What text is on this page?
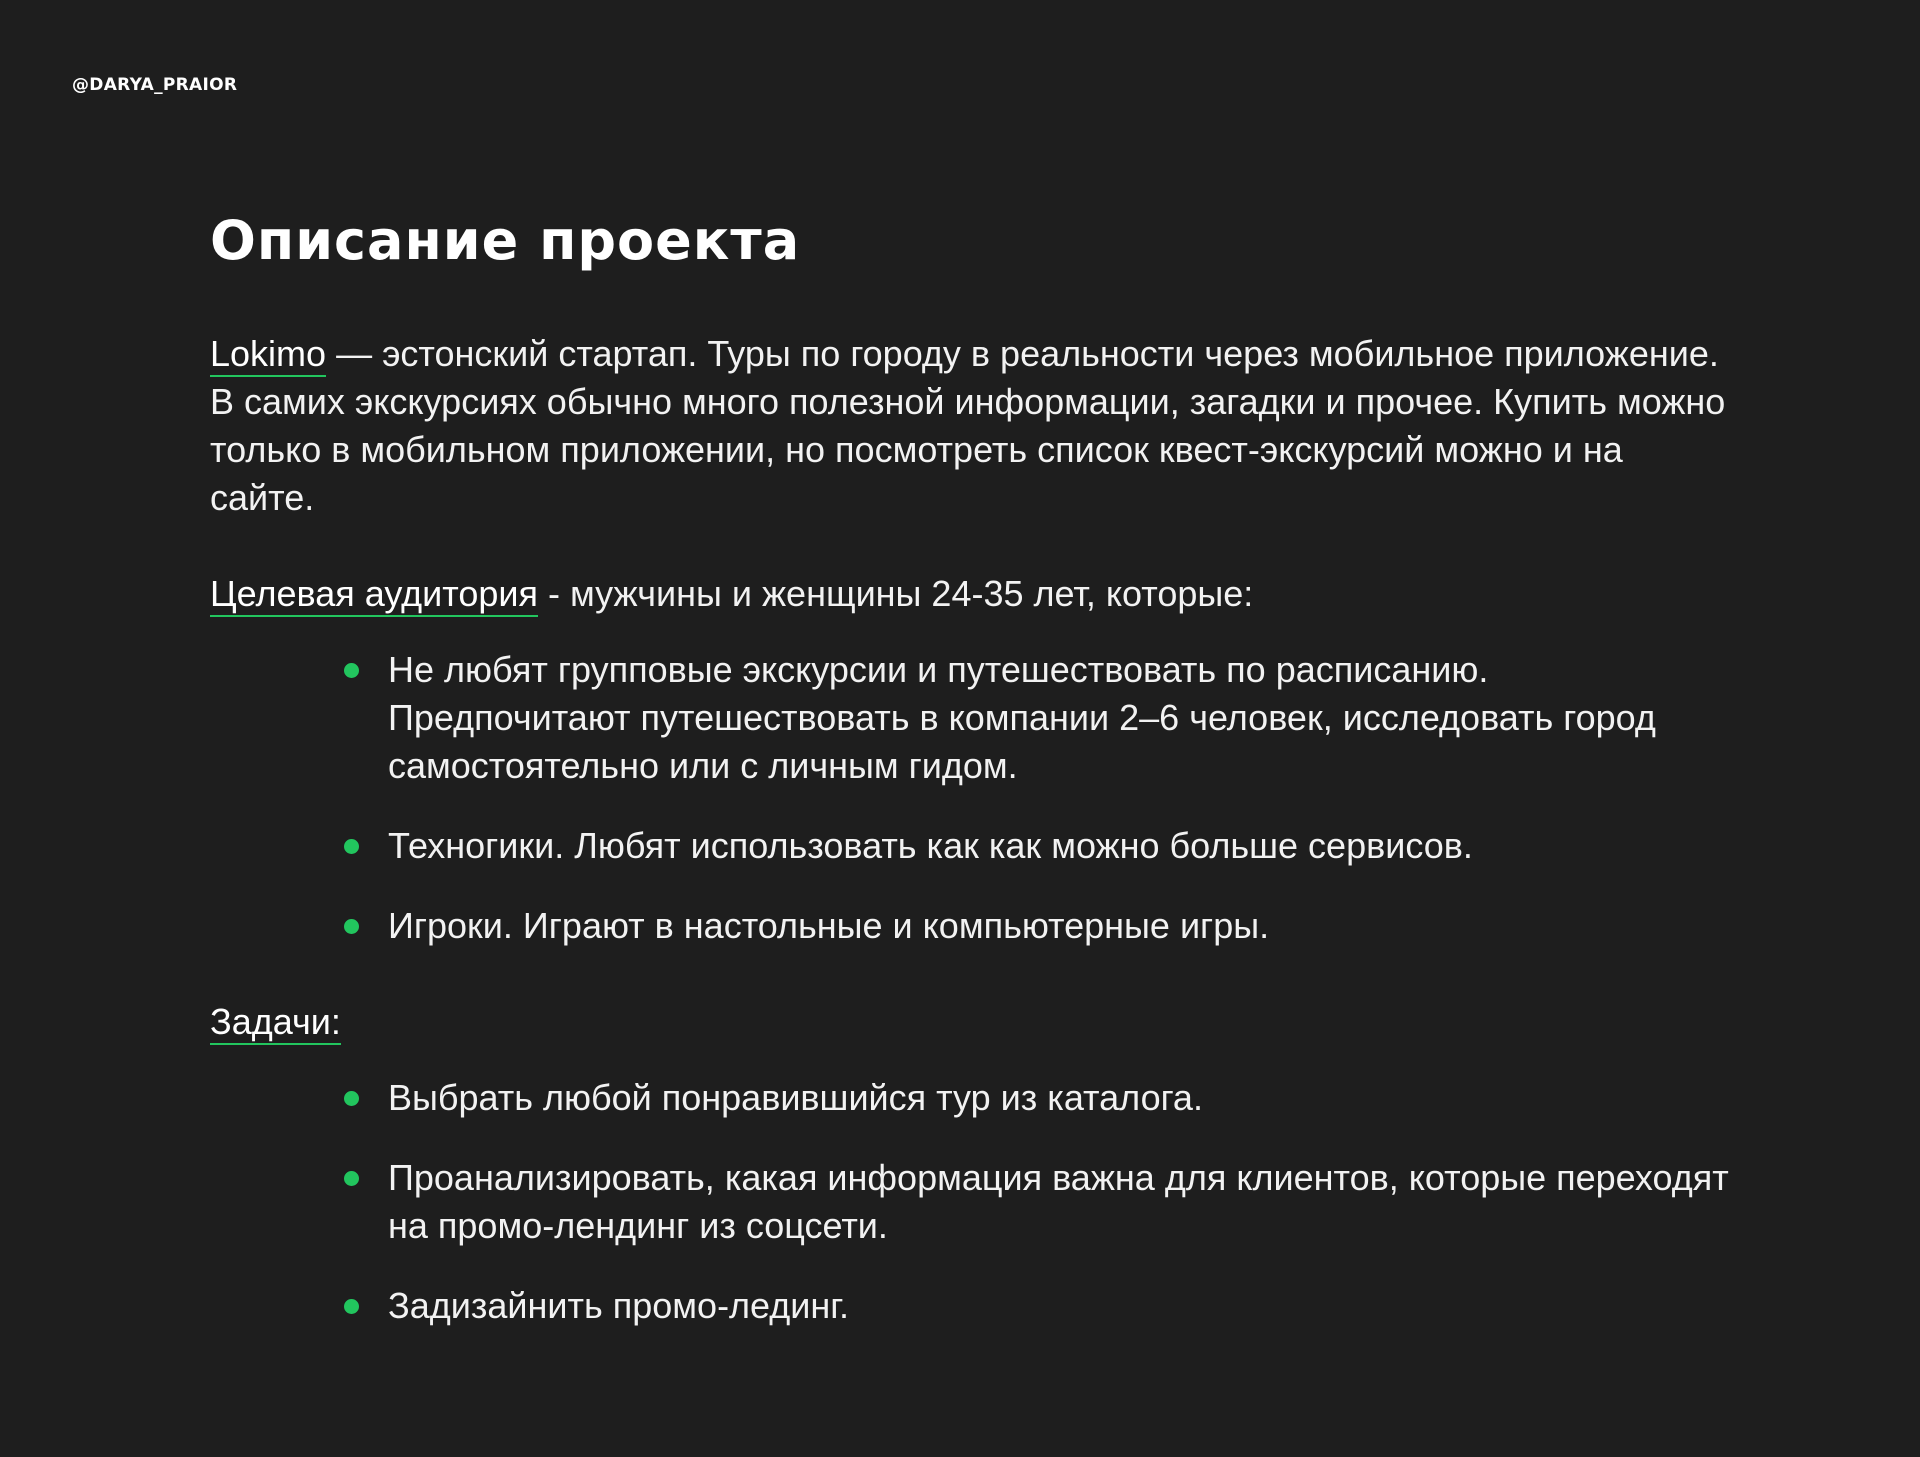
@DARYA_PRAIOR
Описание проекта

Lokimo — эстонский стартап. Туры по городу в реальности через мобильное приложение. В самих экскурсиях обычно много полезной информации, загадки и прочее. Купить можно только в мобильном приложении, но посмотреть список квест-экскурсий можно и на сайте.

Целевая аудитория - мужчины и женщины 24-35 лет, которые:

Не любят групповые экскурсии и путешествовать по расписанию. Предпочитают путешествовать в компании 2–6 человек, исследовать город самостоятельно или с личным гидом.
Техногики. Любят использовать как как можно больше сервисов.
Игроки. Играют в настольные и компьютерные игры.

Задачи:

Выбрать любой понравившийся тур из каталога.
Проанализировать, какая информация важна для клиентов, которые переходят на промо-лендинг из соцсети.
Задизайнить промо-лединг.
